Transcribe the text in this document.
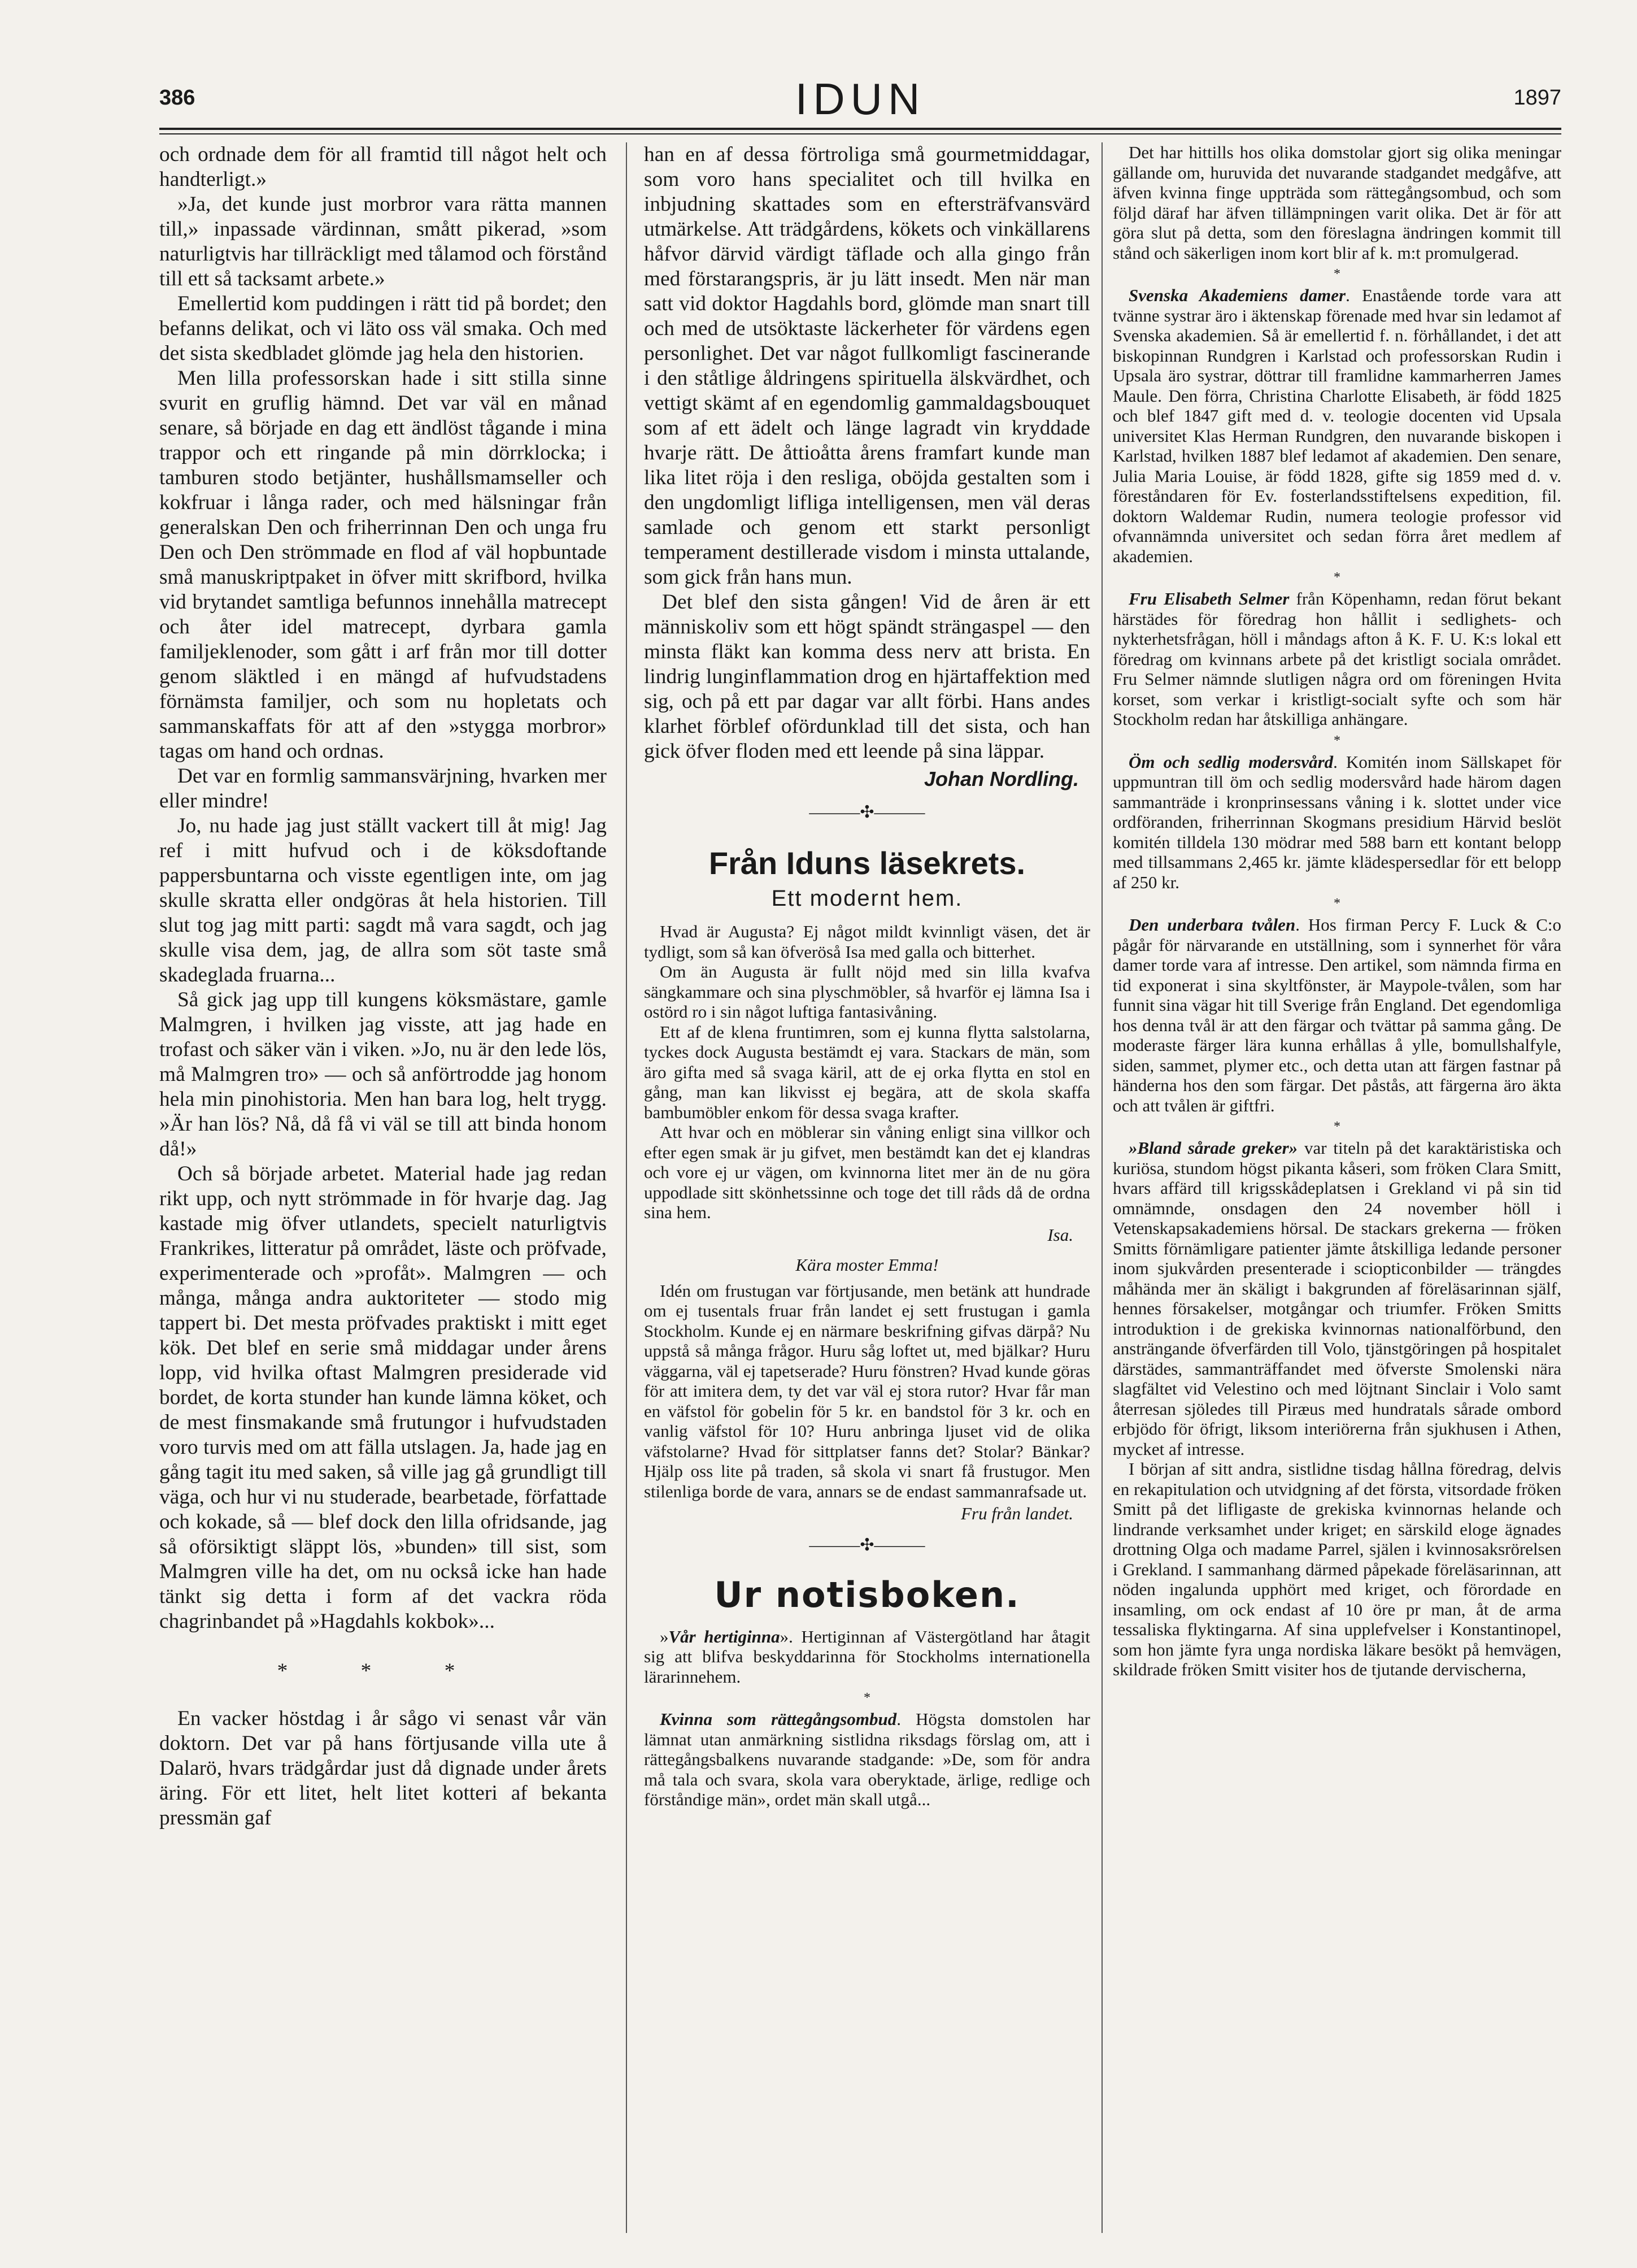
386	IDUN	1897

och ordnade dem för all framtid till något helt och handterligt.»

»Ja, det kunde just morbror vara rätta mannen till,» inpassade värdinnan, smått pikerad, »som naturligtvis har tillräckligt med tålamod och förstånd till ett så tacksamt arbete.»

Emellertid kom puddingen i rätt tid på bordet; den befanns delikat, och vi läto oss väl smaka. Och med det sista skedbladet glömde jag hela den historien.

Men lilla professorskan hade i sitt stilla sinne svurit en gruflig hämnd. Det var väl en månad senare, så började en dag ett ändlöst tågande i mina trappor och ett ringande på min dörrklocka; i tamburen stodo betjänter, hushållsmamseller och kokfruar i långa rader, och med hälsningar från generalskan Den och friherrinnan Den och unga fru Den och Den strömmade en flod af väl hopbuntade små manuskriptpaket in öfver mitt skrifbord, hvilka vid brytandet samtliga befunnos innehålla matrecept och åter idel matrecept, dyrbara gamla familjeklenoder, som gått i arf från mor till dotter genom släktled i en mängd af hufvudstadens förnämsta familjer, och som nu hopletats och sammanskaffats för att af den »stygga morbror» tagas om hand och ordnas.

Det var en formlig sammansvärjning, hvarken mer eller mindre!

Jo, nu hade jag just ställt vackert till åt mig! Jag ref i mitt hufvud och i de köksdoftande pappersbuntarna och visste egentligen inte, om jag skulle skratta eller ondgöras åt hela historien. Till slut tog jag mitt parti: sagdt må vara sagdt, och jag skulle visa dem, jag, de allra som söt taste små skadeglada fruarna...

Så gick jag upp till kungens köksmästare, gamle Malmgren, i hvilken jag visste, att jag hade en trofast och säker vän i viken. »Jo, nu är den lede lös, må Malmgren tro» — och så anförtrodde jag honom hela min pinohistoria. Men han bara log, helt trygg. »Är han lös? Nå, då få vi väl se till att binda honom då!»

Och så började arbetet. Material hade jag redan rikt upp, och nytt strömmade in för hvarje dag. Jag kastade mig öfver utlandets, specielt naturligtvis Frankrikes, litteratur på området, läste och pröfvade, experimenterade och »profåt». Malmgren — och många, många andra auktoriteter — stodo mig tappert bi. Det mesta pröfvades praktiskt i mitt eget kök. Det blef en serie små middagar under årens lopp, vid hvilka oftast Malmgren presiderade vid bordet, de korta stunder han kunde lämna köket, och de mest finsmakande små frutungor i hufvudstaden voro turvis med om att fälla utslagen. Ja, hade jag en gång tagit itu med saken, så ville jag gå grundligt till väga, och hur vi nu studerade, bearbetade, författade och kokade, så — blef dock den lilla ofridsande, jag så oförsiktigt släppt lös, »bunden» till sist, som Malmgren ville ha det, om nu också icke han hade tänkt sig detta i form af det vackra röda chagrinbandet på »Hagdahls kokbok»...

* * *

En vacker höstdag i år sågo vi senast vår vän doktorn. Det var på hans förtjusande villa ute å Dalarö, hvars trädgårdar just då dignade under årets äring. För ett litet, helt litet kotteri af bekanta pressmän gaf

han en af dessa förtroliga små gourmetmiddagar, som voro hans specialitet och till hvilka en inbjudning skattades som en eftersträfvansvärd utmärkelse. Att trädgårdens, kökets och vinkällarens håfvor därvid värdigt täflade och alla gingo från med förstarangspris, är ju lätt insedt. Men när man satt vid doktor Hagdahls bord, glömde man snart till och med de utsöktaste läckerheter för värdens egen personlighet. Det var något fullkomligt fascinerande i den ståtlige åldringens spirituella älskvärdhet, och vettigt skämt af en egendomlig gammaldagsbouquet som af ett ädelt och länge lagradt vin kryddade hvarje rätt. De åttioåtta årens framfart kunde man lika litet röja i den resliga, oböjda gestalten som i den ungdomligt lifliga intelligensen, men väl deras samlade och genom ett starkt personligt temperament destillerade visdom i minsta uttalande, som gick från hans mun.

Det blef den sista gången! Vid de åren är ett människoliv som ett högt spändt strängaspel — den minsta fläkt kan komma dess nerv att brista. En lindrig lunginflammation drog en hjärtaffektion med sig, och på ett par dagar var allt förbi. Hans andes klarhet förblef ofördunklad till det sista, och han gick öfver floden med ett leende på sina läppar.

Johan Nordling.
———✣———
Från Iduns läsekrets.
Ett modernt hem.

Hvad är Augusta? Ej något mildt kvinnligt väsen, det är tydligt, som så kan öfveröså Isa med galla och bitterhet.

Om än Augusta är fullt nöjd med sin lilla kvafva sängkammare och sina plyschmöbler, så hvarför ej lämna Isa i ostörd ro i sin något luftiga fantasivåning.

Ett af de klena fruntimren, som ej kunna flytta salstolarna, tyckes dock Augusta bestämdt ej vara. Stackars de män, som äro gifta med så svaga käril, att de ej orka flytta en stol en gång, man kan likvisst ej begära, att de skola skaffa bambumöbler enkom för dessa svaga krafter.

Att hvar och en möblerar sin våning enligt sina villkor och efter egen smak är ju gifvet, men bestämdt kan det ej klandras och vore ej ur vägen, om kvinnorna litet mer än de nu göra uppodlade sitt skönhetssinne och toge det till råds då de ordna sina hem.

Isa.

Kära moster Emma!

Idén om frustugan var förtjusande, men betänk att hundrade om ej tusentals fruar från landet ej sett frustugan i gamla Stockholm. Kunde ej en närmare beskrifning gifvas därpå? Nu uppstå så många frågor. Huru såg loftet ut, med bjälkar? Huru väggarna, väl ej tapetserade? Huru fönstren? Hvad kunde göras för att imitera dem, ty det var väl ej stora rutor? Hvar får man en väfstol för gobelin för 5 kr. en bandstol för 3 kr. och en vanlig väfstol för 10? Huru anbringa ljuset vid de olika väfstolarne? Hvad för sittplatser fanns det? Stolar? Bänkar? Hjälp oss lite på traden, så skola vi snart få frustugor. Men stilenliga borde de vara, annars se de endast sammanrafsade ut.

Fru från landet.

———✣———
Ur notisboken.

»Vår hertiginna». Hertiginnan af Västergötland har åtagit sig att blifva beskyddarinna för Stockholms internationella lärarinnehem.

*

Kvinna som rättegångsombud. Högsta domstolen har lämnat utan anmärkning sistlidna riksdags förslag om, att i rättegångsbalkens nuvarande stadgande: »De, som för andra må tala och svara, skola vara oberyktade, ärlige, redlige och förståndige män», ordet män skall utgå...

Det har hittills hos olika domstolar gjort sig olika meningar gällande om, huruvida det nuvarande stadgandet medgåfve, att äfven kvinna finge uppträda som rättegångsombud, och som följd däraf har äfven tillämpningen varit olika. Det är för att göra slut på detta, som den föreslagna ändringen kommit till stånd och säkerligen inom kort blir af k. m:t promulgerad.

*

Svenska Akademiens damer. Enastående torde vara att tvänne systrar äro i äktenskap förenade med hvar sin ledamot af Svenska akademien. Så är emellertid f. n. förhållandet, i det att biskopinnan Rundgren i Karlstad och professorskan Rudin i Upsala äro systrar, döttrar till framlidne kammarherren James Maule. Den förra, Christina Charlotte Elisabeth, är född 1825 och blef 1847 gift med d. v. teologie docenten vid Upsala universitet Klas Herman Rundgren, den nuvarande biskopen i Karlstad, hvilken 1887 blef ledamot af akademien. Den senare, Julia Maria Louise, är född 1828, gifte sig 1859 med d. v. föreståndaren för Ev. fosterlandsstiftelsens expedition, fil. doktorn Waldemar Rudin, numera teologie professor vid ofvannämnda universitet och sedan förra året medlem af akademien.

*

Fru Elisabeth Selmer från Köpenhamn, redan förut bekant härstädes för föredrag hon hållit i sedlighets- och nykterhetsfrågan, höll i måndags afton å K. F. U. K:s lokal ett föredrag om kvinnans arbete på det kristligt sociala området. Fru Selmer nämnde slutligen några ord om föreningen Hvita korset, som verkar i kristligt-socialt syfte och som här Stockholm redan har åtskilliga anhängare.

*

Öm och sedlig modersvård. Komitén inom Sällskapet för uppmuntran till öm och sedlig modersvård hade härom dagen sammanträde i kronprinsessans våning i k. slottet under vice ordföranden, friherrinnan Skogmans presidium Härvid beslöt komitén tilldela 130 mödrar med 588 barn ett kontant belopp med tillsammans 2,465 kr. jämte klädespersedlar för ett belopp af 250 kr.

*

Den underbara tvålen. Hos firman Percy F. Luck & C:o pågår för närvarande en utställning, som i synnerhet för våra damer torde vara af intresse. Den artikel, som nämnda firma en tid exponerat i sina skyltfönster, är Maypole-tvålen, som har funnit sina vägar hit till Sverige från England. Det egendomliga hos denna tvål är att den färgar och tvättar på samma gång. De moderaste färger lära kunna erhållas å ylle, bomullshalfyle, siden, sammet, plymer etc., och detta utan att färgen fastnar på händerna hos den som färgar. Det påstås, att färgerna äro äkta och att tvålen är giftfri.

*

»Bland sårade greker» var titeln på det karaktäristiska och kuriösa, stundom högst pikanta kåseri, som fröken Clara Smitt, hvars affärd till krigsskådeplatsen i Grekland vi på sin tid omnämnde, onsdagen den 24 november höll i Vetenskapsakademiens hörsal. De stackars grekerna — fröken Smitts förnämligare patienter jämte åtskilliga ledande personer inom sjukvården presenterade i sciopticonbilder — trängdes måhända mer än skäligt i bakgrunden af föreläsarinnan själf, hennes försakelser, motgångar och triumfer. Fröken Smitts introduktion i de grekiska kvinnornas nationalförbund, den ansträngande öfverfärden till Volo, tjänstgöringen på hospitalet därstädes, sammanträffandet med öfverste Smolenski nära slagfältet vid Velestino och med löjtnant Sinclair i Volo samt återresan sjöledes till Piræus med hundratals sårade ombord erbjödo för öfrigt, liksom interiörerna från sjukhusen i Athen, mycket af intresse.

I början af sitt andra, sistlidne tisdag hållna föredrag, delvis en rekapitulation och utvidgning af det första, vitsordade fröken Smitt på det lifligaste de grekiska kvinnornas helande och lindrande verksamhet under kriget; en särskild eloge ägnades drottning Olga och madame Parrel, själen i kvinnosaksrörelsen i Grekland. I sammanhang därmed påpekade föreläsarinnan, att nöden ingalunda upphört med kriget, och förordade en insamling, om ock endast af 10 öre pr man, åt de arma tessaliska flyktingarna. Af sina upplefvelser i Konstantinopel, som hon jämte fyra unga nordiska läkare besökt på hemvägen, skildrade fröken Smitt visiter hos de tjutande dervischerna,
